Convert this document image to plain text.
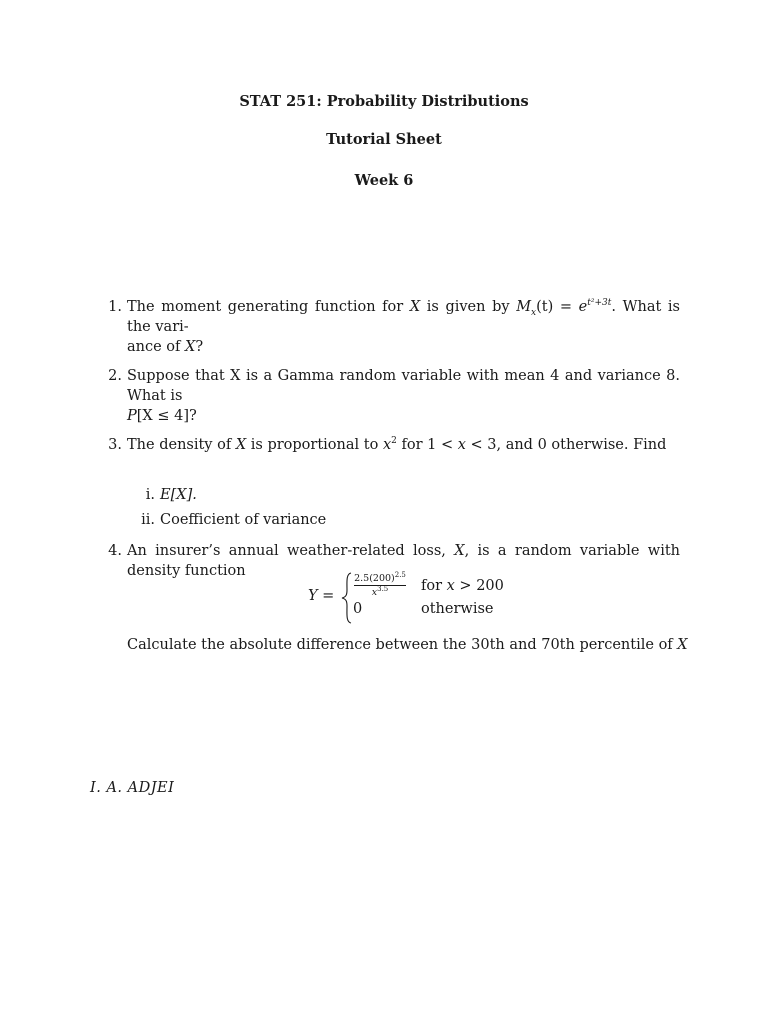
STAT 251: Probability Distributions
Tutorial Sheet
Week 6
1. The moment generating function for X is given by $M_x(t) = e^{t^2+3t}$. What is the vari-
ance of X?
2. Suppose that X is a Gamma random variable with mean 4 and variance 8. What is
P[X ≤ 4]?
3. The density of X is proportional to $x^2$ for 1 < x < 3, and 0 otherwise. Find
i. E[X].
ii. Coefficient of variance
4. An insurer’s annual weather-related loss, X, is a random variable with density function
Y =
$2.5(200)^{2.5}$
$x^{3.5}$	for x > 200
0	otherwise
Calculate the absolute difference between the 30th and 70th percentile of X
I. A. ADJEI
